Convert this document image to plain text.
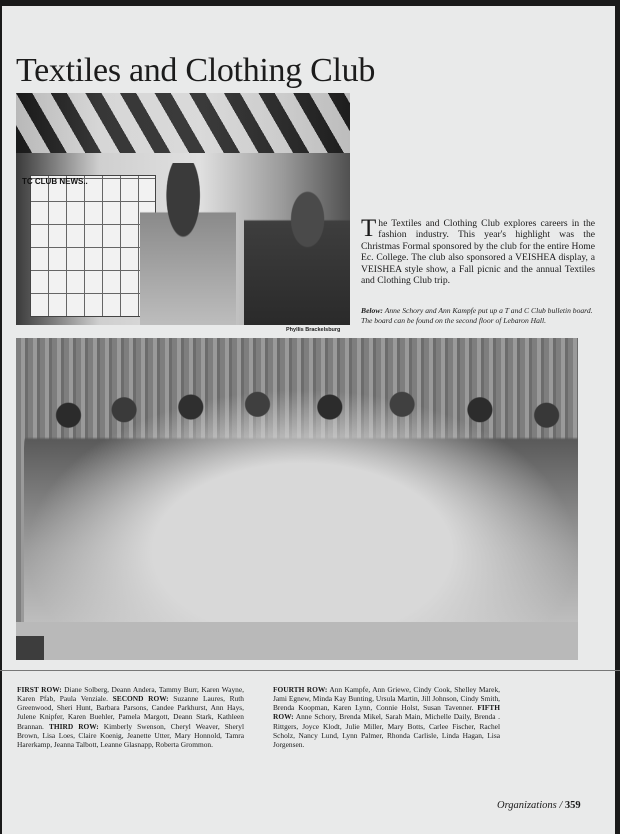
Textiles and Clothing Club
TC CLUB NEWS..
Phyllis Brackelsburg

The Textiles and Clothing Club explores careers in the fashion industry. This year's highlight was the Christmas Formal sponsored by the club for the entire Home Ec. College. The club also sponsored a VEISHEA display, a VEISHEA style show, a Fall picnic and the annual Textiles and Clothing Club trip.

Below: Anne Schory and Ann Kampfe put up a T and C Club bulletin board. The board can be found on the second floor of Lebaron Hall.

FIRST ROW: Diane Solberg, Deann Andera, Tammy Burr, Karen Wayne, Karen Pfab, Paula Venziale. SECOND ROW: Suzanne Laures, Ruth Greenwood, Sheri Hunt, Barbara Parsons, Candee Parkhurst, Ann Hays, Julene Knipfer, Karen Buehler, Pamela Margott, Deann Stark, Kathleen Brannan. THIRD ROW: Kimberly Swenson, Cheryl Weaver, Sheryl Brown, Lisa Loes, Claire Koenig, Jeanette Utter, Mary Honnold, Tamra Harerkamp, Jeanna Talbott, Leanne Glasnapp, Roberta Grommon.

FOURTH ROW: Ann Kampfe, Ann Griewe, Cindy Cook, Shelley Marek, Jami Egnew, Minda Kay Bunting, Ursula Martin, Jill Johnson, Cindy Smith, Brenda Koopman, Karen Lynn, Connie Holst, Susan Tavenner. FIFTH ROW: Anne Schory, Brenda Mikel, Sarah Main, Michelle Daily, Brenda . Rittgers, Joyce Klodt, Julie Miller, Mary Botts, Carlee Fischer, Rachel Scholz, Nancy Lund, Lynn Palmer, Rhonda Carlisle, Linda Hagan, Lisa Jorgensen.

Organizations / 359
